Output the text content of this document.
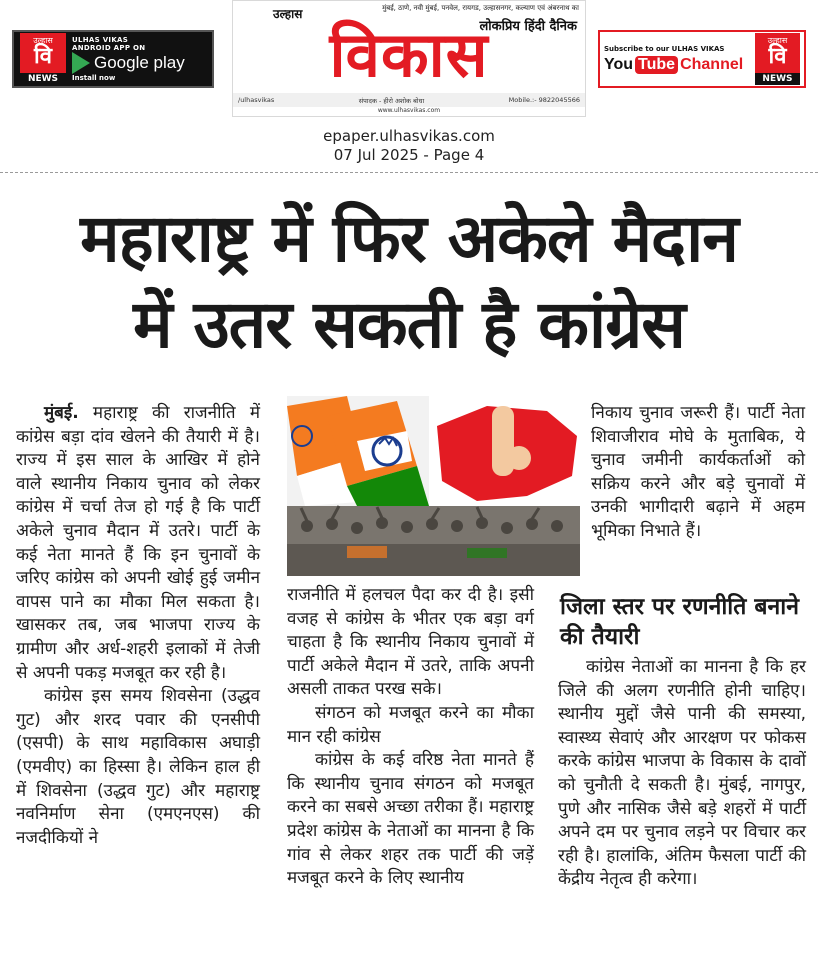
उल्हास
वि
NEWS
ULHAS VIKAS
ANDROID APP ON
Google play
Install now
मुंबई, ठाणे, नवी मुंबई, पनवेल, रायगड, उल्हासनगर, कल्याण एवं अंबरनाथ का
उल्हास
लोकप्रिय हिंदी दैनिक
विकास
/ulhasvikas	संपादक - हीरो अशोक बोधा	Mobile.:- 9822045566
www.ulhasvikas.com
Subscribe to our ULHAS VIKAS
You Tube Channel
उल्हास
वि
NEWS
epaper.ulhasvikas.com
07 Jul 2025 - Page 4
महाराष्ट्र में फिर अकेले मैदान
में उतर सकती है कांग्रेस

मुंबई. महाराष्ट्र की राजनीति में कांग्रेस बड़ा दांव खेलने की तैयारी में है। राज्य में इस साल के आखिर में होने वाले स्थानीय निकाय चुनाव को लेकर कांग्रेस में चर्चा तेज हो गई है कि पार्टी अकेले चुनाव मैदान में उतरे। पार्टी के कई नेता मानते हैं कि इन चुनावों के जरिए कांग्रेस को अपनी खोई हुई जमीन वापस पाने का मौका मिल सकता है। खासकर तब, जब भाजपा राज्य के ग्रामीण और अर्ध-शहरी इलाकों में तेजी से अपनी पकड़ मजबूत कर रही है।

कांग्रेस इस समय शिवसेना (उद्धव गुट) और शरद पवार की एनसीपी (एसपी) के साथ महाविकास अघाड़ी (एमवीए) का हिस्सा है। लेकिन हाल ही में शिवसेना (उद्धव गुट) और महाराष्ट्र नवनिर्माण सेना (एमएनएस) की नजदीकियों ने

राजनीति में हलचल पैदा कर दी है। इसी वजह से कांग्रेस के भीतर एक बड़ा वर्ग चाहता है कि स्थानीय निकाय चुनावों में पार्टी अकेले मैदान में उतरे, ताकि अपनी असली ताकत परख सके।

संगठन को मजबूत करने का मौका मान रही कांग्रेस

कांग्रेस के कई वरिष्ठ नेता मानते हैं कि स्थानीय चुनाव संगठन को मजबूत करने का सबसे अच्छा तरीका हैं। महाराष्ट्र प्रदेश कांग्रेस के नेताओं का मानना है कि गांव से लेकर शहर तक पार्टी की जड़ें मजबूत करने के लिए स्थानीय

निकाय चुनाव जरूरी हैं। पार्टी नेता शिवाजीराव मोघे के मुताबिक, ये चुनाव जमीनी कार्यकर्ताओं को सक्रिय करने और बड़े चुनावों में उनकी भागीदारी बढ़ाने में अहम भूमिका निभाते हैं।

जिला स्तर पर रणनीति बनाने की तैयारी

कांग्रेस नेताओं का मानना है कि हर जिले की अलग रणनीति होनी चाहिए। स्थानीय मुद्दों जैसे पानी की समस्या, स्वास्थ्य सेवाएं और आरक्षण पर फोकस करके कांग्रेस भाजपा के विकास के दावों को चुनौती दे सकती है। मुंबई, नागपुर, पुणे और नासिक जैसे बड़े शहरों में पार्टी अपने दम पर चुनाव लड़ने पर विचार कर रही है। हालांकि, अंतिम फैसला पार्टी की केंद्रीय नेतृत्व ही करेगा।
